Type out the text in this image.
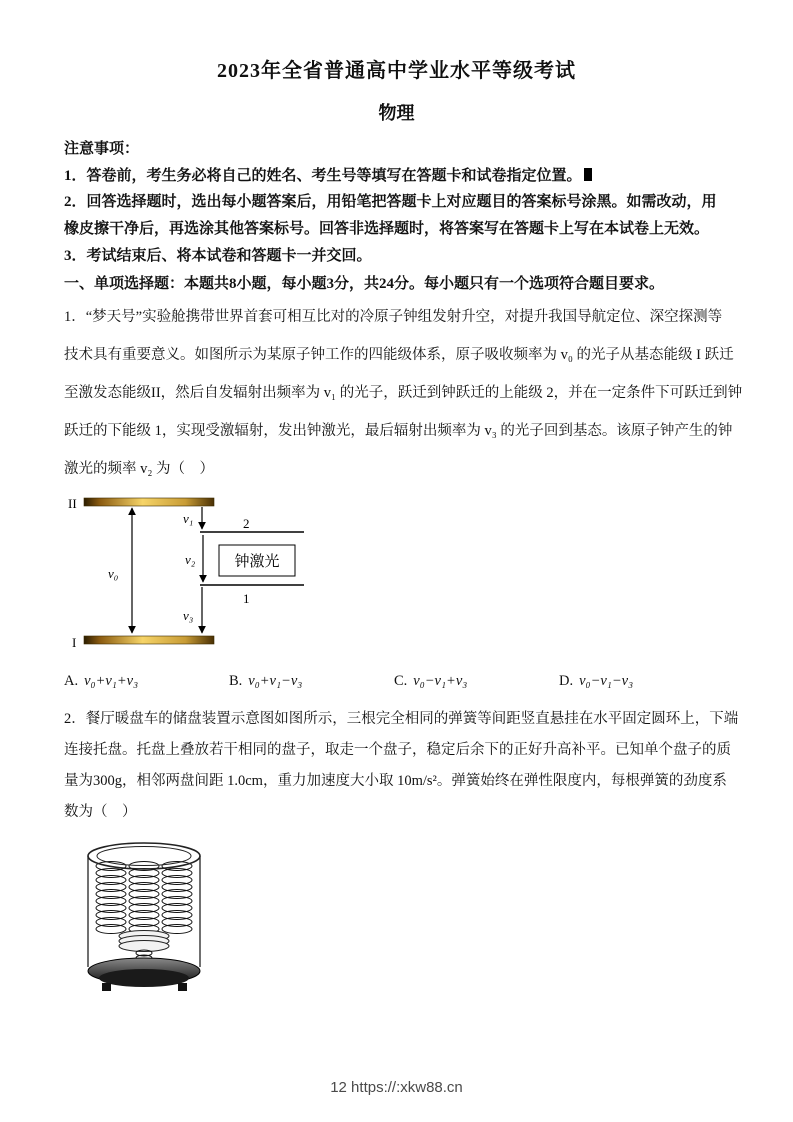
2023年全省普通高中学业水平等级考试
物理
注意事项：
1．答卷前，考生务必将自己的姓名、考生号等填写在答题卡和试卷指定位置。
2．回答选择题时，选出每小题答案后，用铅笔把答题卡上对应题目的答案标号涂黑。如需改动，用橡皮擦干净后，再选涂其他答案标号。回答非选择题时，将答案写在答题卡上写在本试卷上无效。
3．考试结束后、将本试卷和答题卡一并交回。
一、单项选择题：本题共8小题，每小题3分，共24分。每小题只有一个选项符合题目要求。
1．“梦天号”实验舱携带世界首套可相互比对的冷原子钟组发射升空，对提升我国导航定位、深空探测等
技术具有重要意义。如图所示为某原子钟工作的四能级体系，原子吸收频率为 v₀ 的光子从基态能级 I 跃迁
至激发态能级II，然后自发辐射出频率为 v₁ 的光子，跃迁到钟跃迁的上能级 2，并在一定条件下可跃迁到钟
跃迁的下能级 1，实现受激辐射，发出钟激光，最后辐射出频率为 v₃ 的光子回到基态。该原子钟产生的钟
激光的频率 v₂ 为（　）
II
I
v₀
v₁	2
v₂	钟激光
1
v₃
A. v₀+v₁+v₃	B. v₀+v₁−v₃	C. v₀−v₁+v₃	D. v₀−v₁−v₃
2．餐厅暖盘车的储盘装置示意图如图所示，三根完全相同的弹簧等间距竖直悬挂在水平固定圆环上，下端
连接托盘。托盘上叠放若干相同的盘子，取走一个盘子，稳定后余下的正好升高补平。已知单个盘子的质
量为300g，相邻两盘间距 1.0cm，重力加速度大小取 10m/s²。弹簧始终在弹性限度内，每根弹簧的劲度系
数为（　）
12 https://:xkw88.cn
